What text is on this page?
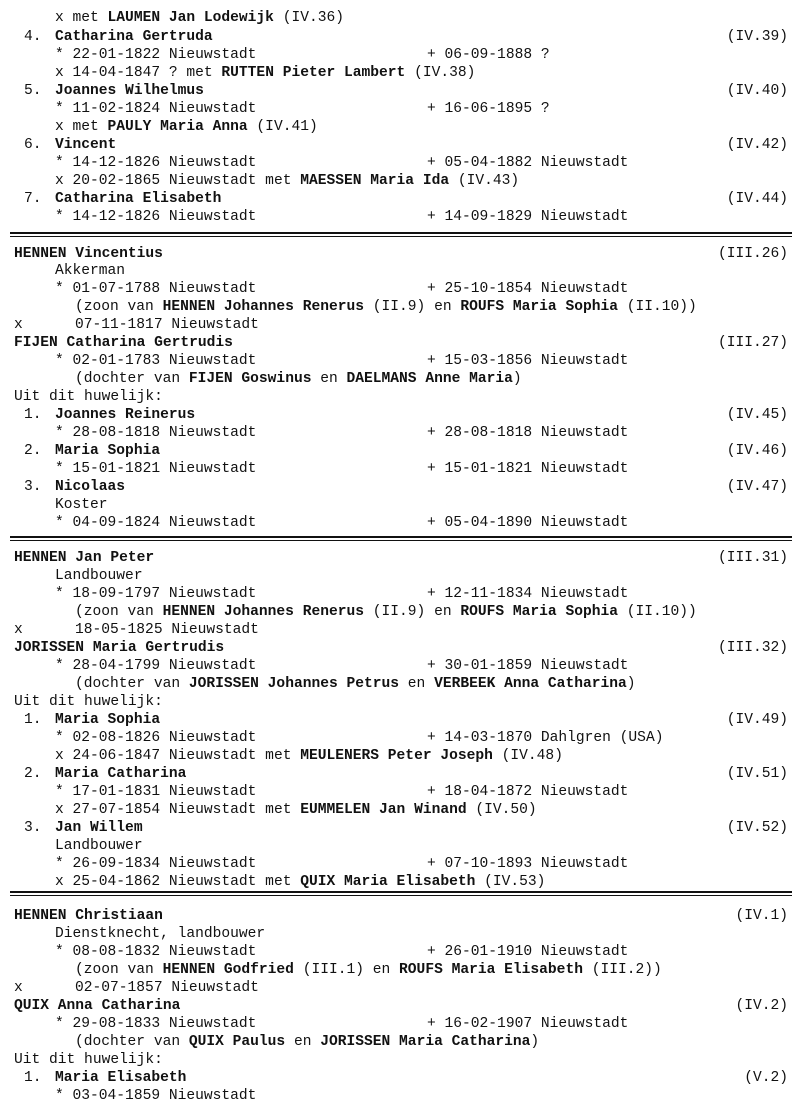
x met LAUMEN Jan Lodewijk (IV.36)
4. Catharina Gertruda	(IV.39)
* 22-01-1822 Nieuwstadt	+ 06-09-1888 ?
x 14-04-1847 ? met RUTTEN Pieter Lambert (IV.38)
5. Joannes Wilhelmus	(IV.40)
* 11-02-1824 Nieuwstadt	+ 16-06-1895 ?
x met PAULY Maria Anna (IV.41)
6. Vincent	(IV.42)
* 14-12-1826 Nieuwstadt	+ 05-04-1882 Nieuwstadt
x 20-02-1865 Nieuwstadt met MAESSEN Maria Ida (IV.43)
7. Catharina Elisabeth	(IV.44)
* 14-12-1826 Nieuwstadt	+ 14-09-1829 Nieuwstadt
HENNEN Vincentius	(III.26)
Akkerman
* 01-07-1788 Nieuwstadt	+ 25-10-1854 Nieuwstadt
(zoon van HENNEN Johannes Renerus (II.9) en ROUFS Maria Sophia (II.10))
x	07-11-1817 Nieuwstadt
FIJEN Catharina Gertrudis	(III.27)
* 02-01-1783 Nieuwstadt	+ 15-03-1856 Nieuwstadt
(dochter van FIJEN Goswinus en DAELMANS Anne Maria)
Uit dit huwelijk:
1. Joannes Reinerus	(IV.45)
* 28-08-1818 Nieuwstadt	+ 28-08-1818 Nieuwstadt
2. Maria Sophia	(IV.46)
* 15-01-1821 Nieuwstadt	+ 15-01-1821 Nieuwstadt
3. Nicolaas	(IV.47)
Koster
* 04-09-1824 Nieuwstadt	+ 05-04-1890 Nieuwstadt
HENNEN Jan Peter	(III.31)
Landbouwer
* 18-09-1797 Nieuwstadt	+ 12-11-1834 Nieuwstadt
(zoon van HENNEN Johannes Renerus (II.9) en ROUFS Maria Sophia (II.10))
x	18-05-1825 Nieuwstadt
JORISSEN Maria Gertrudis	(III.32)
* 28-04-1799 Nieuwstadt	+ 30-01-1859 Nieuwstadt
(dochter van JORISSEN Johannes Petrus en VERBEEK Anna Catharina)
Uit dit huwelijk:
1. Maria Sophia	(IV.49)
* 02-08-1826 Nieuwstadt	+ 14-03-1870 Dahlgren (USA)
x 24-06-1847 Nieuwstadt met MEULENERS Peter Joseph (IV.48)
2. Maria Catharina	(IV.51)
* 17-01-1831 Nieuwstadt	+ 18-04-1872 Nieuwstadt
x 27-07-1854 Nieuwstadt met EUMMELEN Jan Winand (IV.50)
3. Jan Willem	(IV.52)
Landbouwer
* 26-09-1834 Nieuwstadt	+ 07-10-1893 Nieuwstadt
x 25-04-1862 Nieuwstadt met QUIX Maria Elisabeth (IV.53)
HENNEN Christiaan	(IV.1)
Dienstknecht, landbouwer
* 08-08-1832 Nieuwstadt	+ 26-01-1910 Nieuwstadt
(zoon van HENNEN Godfried (III.1) en ROUFS Maria Elisabeth (III.2))
x	02-07-1857 Nieuwstadt
QUIX Anna Catharina	(IV.2)
* 29-08-1833 Nieuwstadt	+ 16-02-1907 Nieuwstadt
(dochter van QUIX Paulus en JORISSEN Maria Catharina)
Uit dit huwelijk:
1. Maria Elisabeth	(V.2)
* 03-04-1859 Nieuwstadt
